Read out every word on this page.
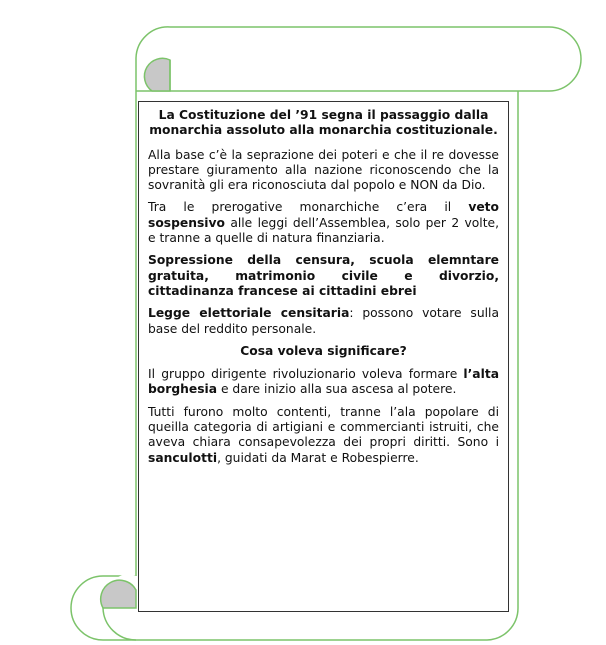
La Costituzione del ’91 segna il passaggio dalla monarchia assoluto alla monarchia costituzionale.

Alla base c’è la seprazione dei poteri e che il re dovesse prestare giuramento alla nazione riconoscendo che la sovranità gli era riconosciuta dal popolo e NON da Dio.

Tra le prerogative monarchiche c’era il veto sospensivo alle leggi dell’Assemblea, solo per 2 volte, e tranne a quelle di natura finanziaria.

Sopressione della censura, scuola elemntare gratuita, matrimonio civile e divorzio, cittadinanza francese ai cittadini ebrei

Legge elettoriale censitaria: possono votare sulla base del reddito personale.

Cosa voleva significare?

Il gruppo dirigente rivoluzionario voleva formare l’alta borghesia e dare inizio alla sua ascesa al potere.

Tutti furono molto contenti, tranne l’ala popolare di queilla categoria di artigiani e commercianti istruiti, che aveva chiara consapevolezza dei propri diritti. Sono i sanculotti, guidati da Marat e Robespierre.
